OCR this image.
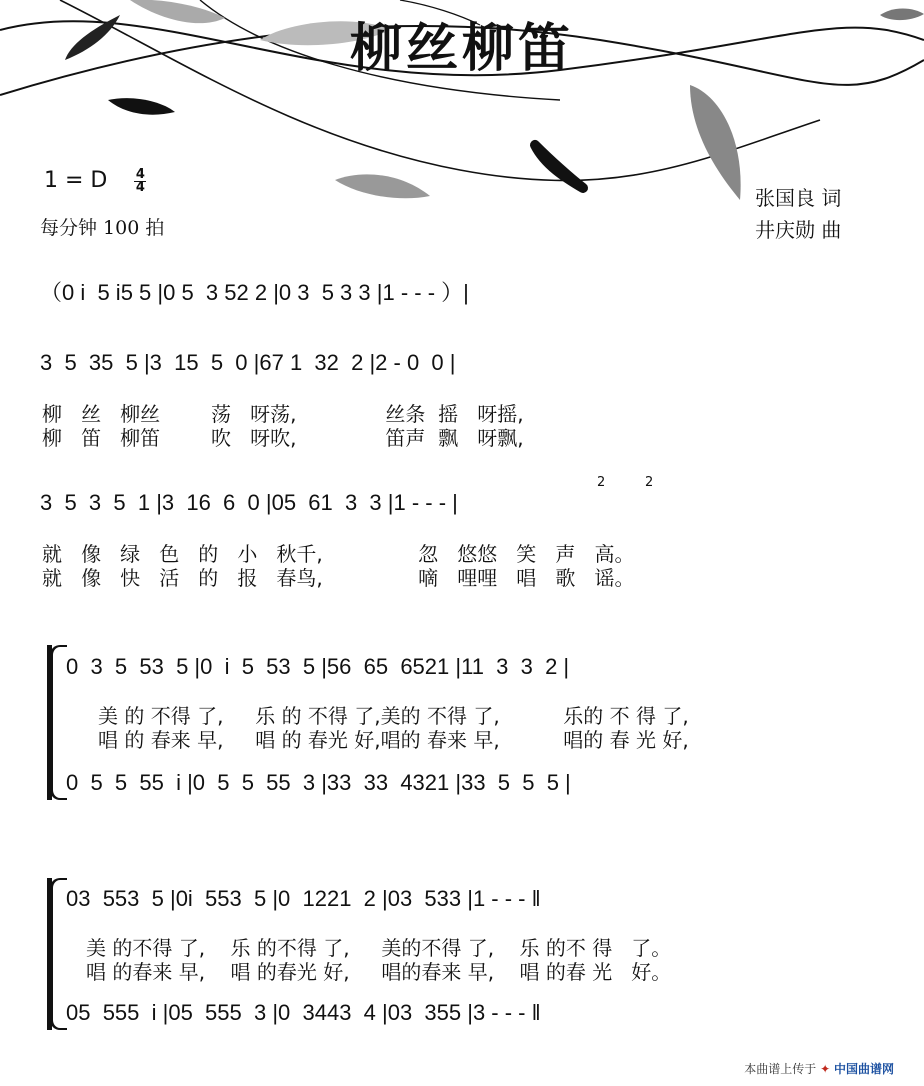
柳丝柳笛
1 = D $\frac{4}{4}$
每分钟 100 拍
张国良 词
井庆勋 曲
（0 i  5 i5 5 |0 5  3 52 2 |0 3  5 3 3 |1 - - - ）|
3  5  35  5 |3  15  5  0 |67 1  32  2 |2 - 0  0 |
柳   丝   柳丝        荡   呀荡,              丝条  摇   呀摇,
柳   笛   柳笛        吹   呀吹,              笛声  飘   呀飘,
3  5  3  5  1 |3  16  6  0 |05  61  3  3 |1 - - - |
2	2
就   像   绿   色   的   小   秋千,               忽   悠悠   笑   声   高。
就   像   快   活   的   报   春鸟,               嘀   哩哩   唱   歌   谣。
0  3  5  53  5 |0  i  5  53  5 |56  65  6521 |11  3  3  2 |
美 的 不得 了,     乐 的 不得 了,美的 不得 了,          乐的 不 得 了,
唱 的 春来 早,     唱 的 春光 好,唱的 春来 早,          唱的 春 光 好,
0  5  5  55  i |0  5  5  55  3 |33  33  4321 |33  5  5  5 |
03  553  5 |0i  553  5 |0  1221  2 |03  533 |1 - - - ‖
美 的不得 了,    乐 的不得 了,     美的不得 了,    乐 的不 得   了。
唱 的春来 早,    唱 的春光 好,     唱的春来 早,    唱 的春 光   好。
05  555  i |05  555  3 |0  3443  4 |03  355 |3 - - - ‖
本曲谱上传于 ✦ 中国曲谱网
